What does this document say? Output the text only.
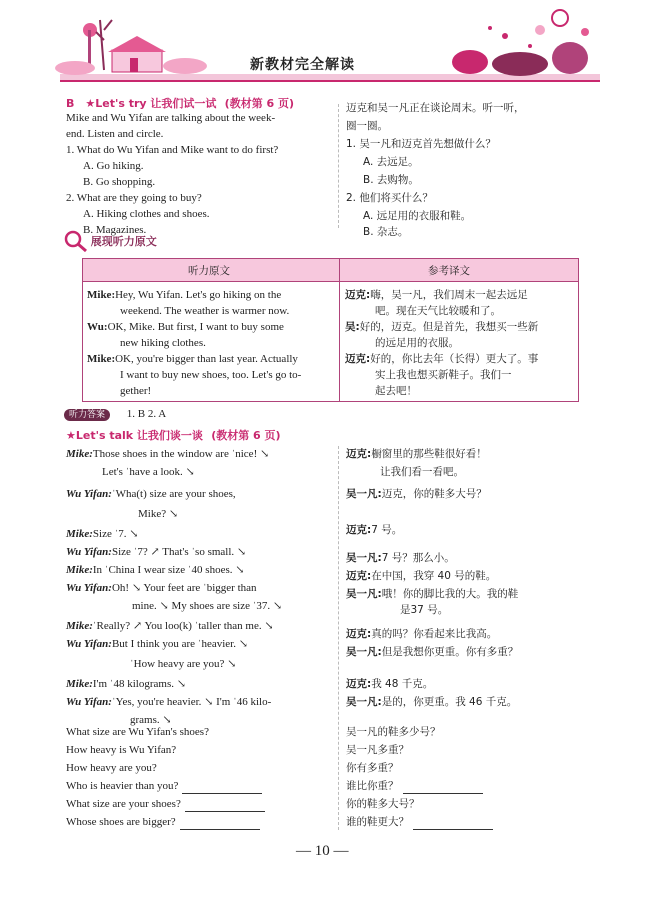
新教材完全解读
B ★Let's try 让我们试一试 (教材第 6 页)
Mike and Wu Yifan are talking about the week-
end. Listen and circle.
1. What do Wu Yifan and Mike want to do first?
A. Go hiking.
B. Go shopping.
2. What are they going to buy?
A. Hiking clothes and shoes.
B. Magazines.
迈克和吴一凡正在谈论周末。听一听，
圈一圈。
1. 吴一凡和迈克首先想做什么？
A. 去远足。
B. 去购物。
2. 他们将买什么？
A. 远足用的衣服和鞋。
B. 杂志。
展现听力原文
听力原文	参考译文
Mike:Hey, Wu Yifan. Let's go hiking on the
weekend. The weather is warmer now.
Wu:OK, Mike. But first, I want to buy some
new hiking clothes.
Mike:OK, you're bigger than last year. Actually
I want to buy new shoes, too. Let's go to-
gether!
迈克:嗨，吴一凡，我们周末一起去远足
吧。现在天气比较暖和了。
吴:好的，迈克。但是首先，我想买一些新
的远足用的衣服。
迈克:好的，你比去年（长得）更大了。事
实上我也想买新鞋子。我们一
起去吧！
听力答案 1. B 2. A
★Let's talk 让我们谈一谈 (教材第 6 页)
Mike:Those shoes in the window are ˈnice! ↘
Let's ˈhave a look. ↘
Wu Yifan:ˈWha(t) size are your shoes,
Mike? ↘
Mike:Size ˈ7. ↘
Wu Yifan:Size ˈ7? ↗ That's ˈso small. ↘
Mike:In ˈChina I wear size ˈ40 shoes. ↘
Wu Yifan:Oh! ↘ Your feet are ˈbigger than
mine. ↘ My shoes are size ˈ37. ↘
Mike:ˈReally? ↗ You loo(k) ˈtaller than me. ↘
Wu Yifan:But I think you are ˈheavier. ↘
ˈHow heavy are you? ↘
Mike:I'm ˈ48 kilograms. ↘
Wu Yifan:ˈYes, you're heavier. ↘ I'm ˈ46 kilo-
grams. ↘
迈克:橱窗里的那些鞋很好看！
让我们看一看吧。
吴一凡:迈克，你的鞋多大号？
迈克:7 号。
吴一凡:7 号？那么小。
迈克:在中国，我穿 40 号的鞋。
吴一凡:哦！你的脚比我的大。我的鞋
是37 号。
迈克:真的吗？你看起来比我高。
吴一凡:但是我想你更重。你有多重？
迈克:我 48 千克。
吴一凡:是的，你更重。我 46 千克。
What size are Wu Yifan's shoes?
How heavy is Wu Yifan?
How heavy are you?
Who is heavier than you?
What size are your shoes?
Whose shoes are bigger?
吴一凡的鞋多少号？
吴一凡多重？
你有多重？
谁比你重？
你的鞋多大号？
谁的鞋更大？
— 10 —
